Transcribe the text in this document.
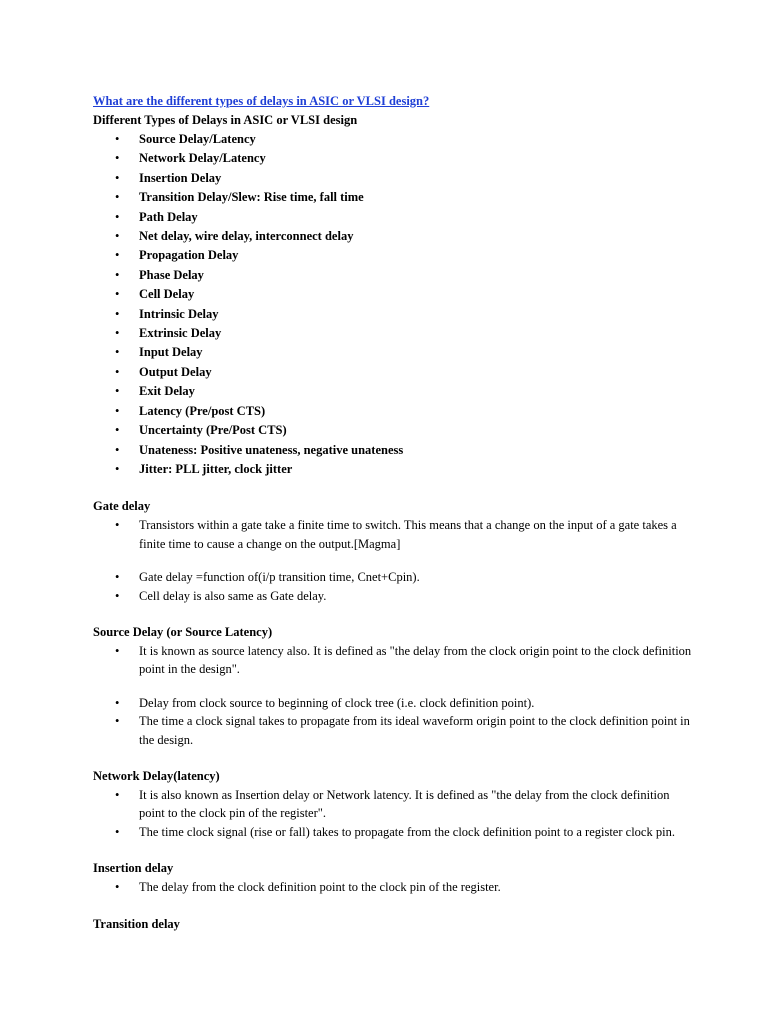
What are the different types of delays in ASIC or VLSI design?
Different Types of Delays in ASIC or VLSI design
• Source Delay/Latency
• Network Delay/Latency
• Insertion Delay
• Transition Delay/Slew: Rise time, fall time
• Path Delay
• Net delay, wire delay, interconnect delay
• Propagation Delay
• Phase Delay
• Cell Delay
• Intrinsic Delay
• Extrinsic Delay
• Input Delay
• Output Delay
• Exit Delay
• Latency (Pre/post CTS)
• Uncertainty (Pre/Post CTS)
• Unateness: Positive unateness, negative unateness
• Jitter: PLL jitter, clock jitter
Gate delay
• Transistors within a gate take a finite time to switch. This means that a change on the input of a gate takes a finite time to cause a change on the output.[Magma]
• Gate delay =function of(i/p transition time, Cnet+Cpin).
• Cell delay is also same as Gate delay.
Source Delay (or Source Latency)
• It is known as source latency also. It is defined as "the delay from the clock origin point to the clock definition point in the design".
• Delay from clock source to beginning of clock tree (i.e. clock definition point).
• The time a clock signal takes to propagate from its ideal waveform origin point to the clock definition point in the design.
Network Delay(latency)
• It is also known as Insertion delay or Network latency. It is defined as "the delay from the clock definition point to the clock pin of the register".
• The time clock signal (rise or fall) takes to propagate from the clock definition point to a register clock pin.
Insertion delay
• The delay from the clock definition point to the clock pin of the register.
Transition delay
